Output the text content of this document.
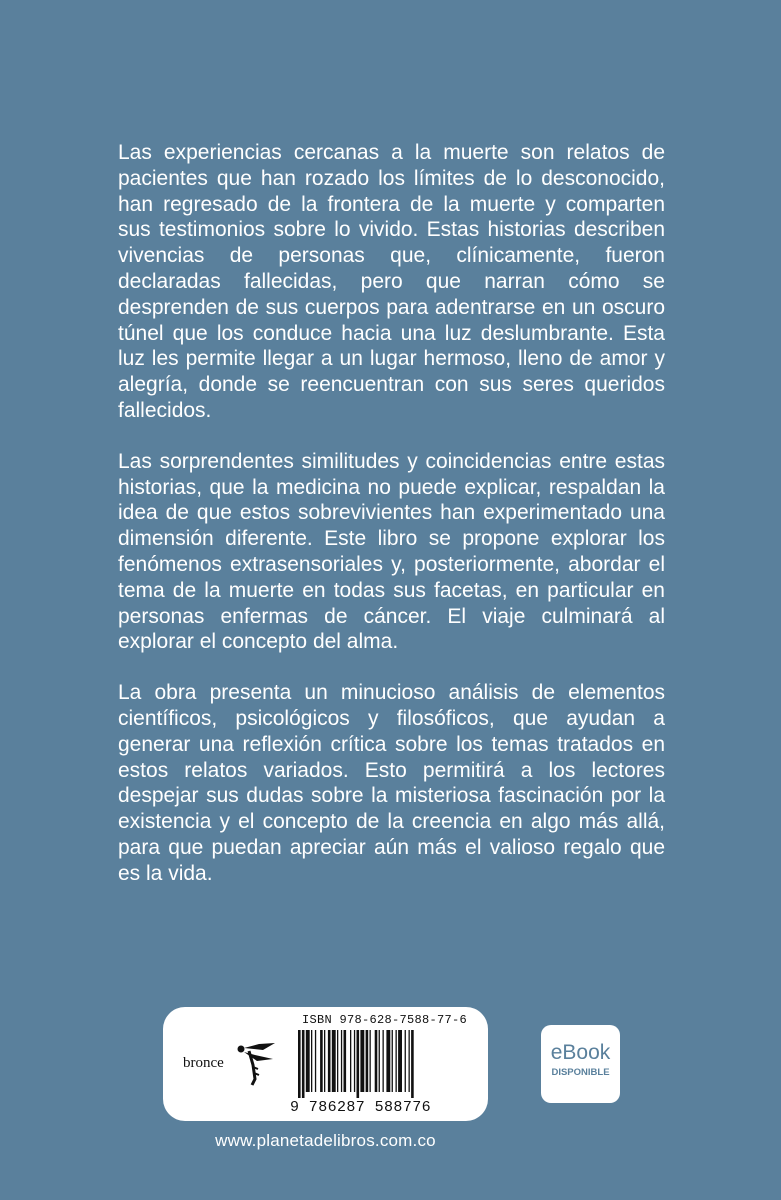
Las experiencias cercanas a la muerte son relatos de pacientes que han rozado los límites de lo desconocido, han regresado de la frontera de la muerte y comparten sus testimonios sobre lo vivido. Estas historias describen vivencias de personas que, clínicamente, fueron declaradas fallecidas, pero que narran cómo se desprenden de sus cuerpos para adentrarse en un oscuro túnel que los conduce hacia una luz deslumbrante. Esta luz les permite llegar a un lugar hermoso, lleno de amor y alegría, donde se reencuentran con sus seres queridos fallecidos.

Las sorprendentes similitudes y coincidencias entre estas historias, que la medicina no puede explicar, respaldan la idea de que estos sobrevivientes han experimentado una dimensión diferente. Este libro se propone explorar los fenómenos extrasensoriales y, posteriormente, abordar el tema de la muerte en todas sus facetas, en particular en personas enfermas de cáncer. El viaje culminará al explorar el concepto del alma.

La obra presenta un minucioso análisis de elementos científicos, psicológicos y filosóficos, que ayudan a generar una reflexión crítica sobre los temas tratados en estos relatos variados. Esto permitirá a los lectores despejar sus dudas sobre la misteriosa fascinación por la existencia y el concepto de la creencia en algo más allá, para que puedan apreciar aún más el valioso regalo que es la vida.

bronce
ISBN 978-628-7588-77-6
9 786287 588776
eBook
DISPONIBLE
www.planetadelibros.com.co
